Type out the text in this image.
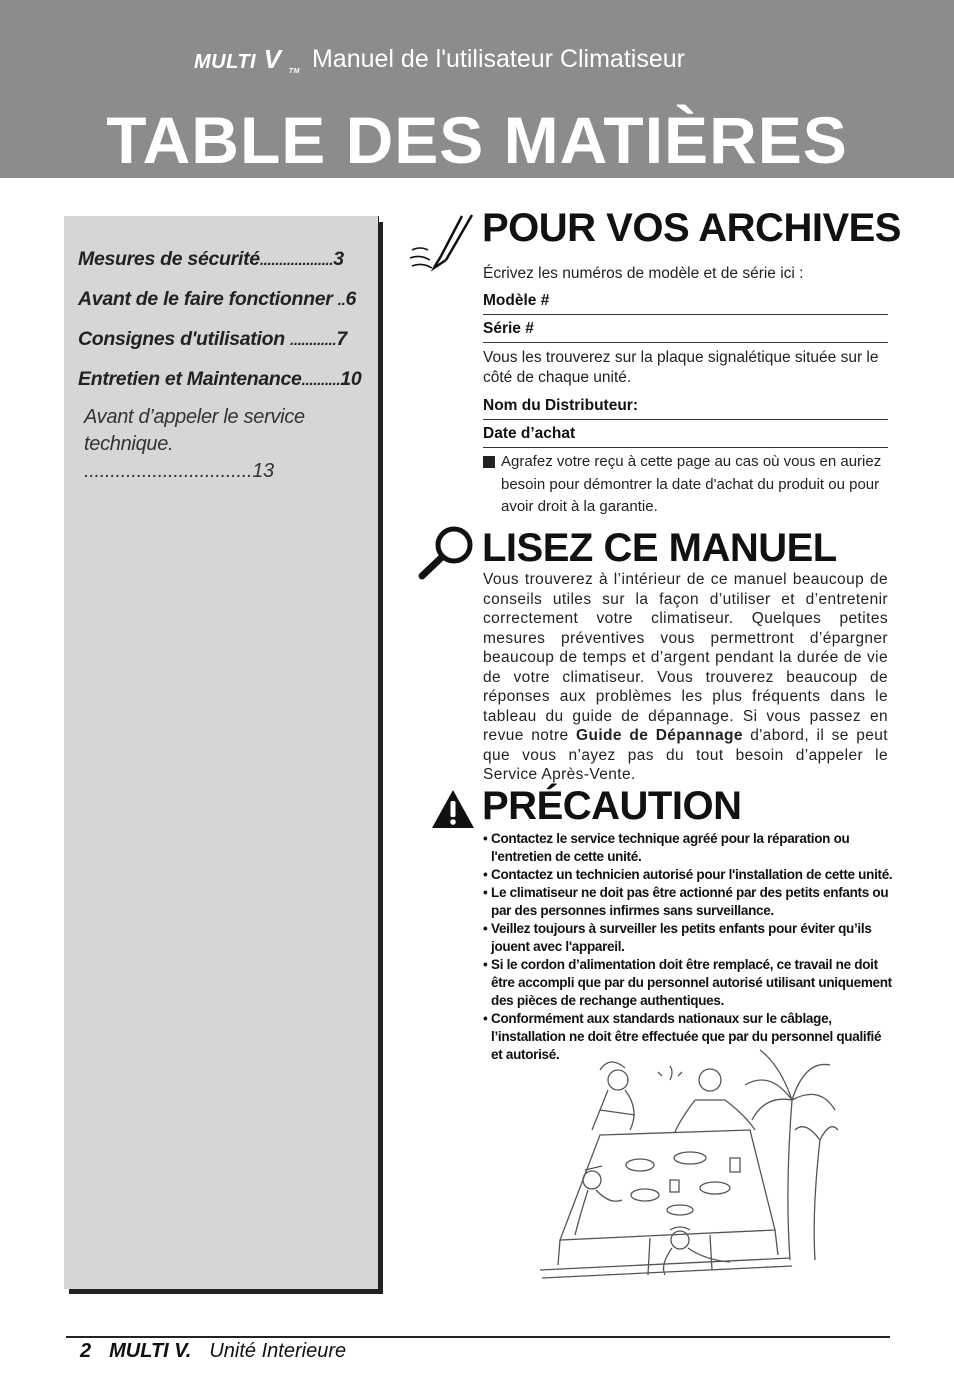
MULTI V TM Manuel de l'utilisateur Climatiseur
TABLE DES MATIÈRES
Mesures de sécurité...................3
Avant de le faire fonctionner ..6
Consignes d'utilisation ............7
Entretien et Maintenance..........10
Avant d’appeler le service
technique. ................................13
POUR VOS ARCHIVES
Écrivez les numéros de modèle et de série ici :
Modèle #
Série #
Vous les trouverez sur la plaque signalétique située sur le côté de chaque unité.
Nom du Distributeur:
Date d’achat
Agrafez votre reçu à cette page au cas où vous en auriez besoin pour démontrer la date d'achat du produit ou pour avoir droit à la garantie.
LISEZ CE MANUEL
Vous trouverez à l’intérieur de ce manuel beaucoup de conseils utiles sur la façon d’utiliser et d’entretenir correctement votre climatiseur. Quelques petites mesures préventives vous permettront d’épargner beaucoup de temps et d’argent pendant la durée de vie de votre climatiseur. Vous trouverez beaucoup de réponses aux problèmes les plus fréquents dans le tableau du guide de dépannage. Si vous passez en revue notre Guide de Dépannage d'abord, il se peut que vous n’ayez pas du tout besoin d’appeler le Service Après-Vente.
PRÉCAUTION
• Contactez le service technique agréé pour la réparation ou l'entretien de cette unité.
• Contactez un technicien autorisé pour l'installation de cette unité.
• Le climatiseur ne doit pas être actionné par des petits enfants ou par des personnes infirmes sans surveillance.
• Veillez toujours à surveiller les petits enfants pour éviter qu’ils jouent avec l'appareil.
• Si le cordon d’alimentation doit être remplacé, ce travail ne doit être accompli que par du personnel autorisé utilisant uniquement des pièces de rechange authentiques.
• Conformément aux standards nationaux sur le câblage, l’installation ne doit être effectuée que par du personnel qualifié et autorisé.
2 MULTI V. Unité Interieure
